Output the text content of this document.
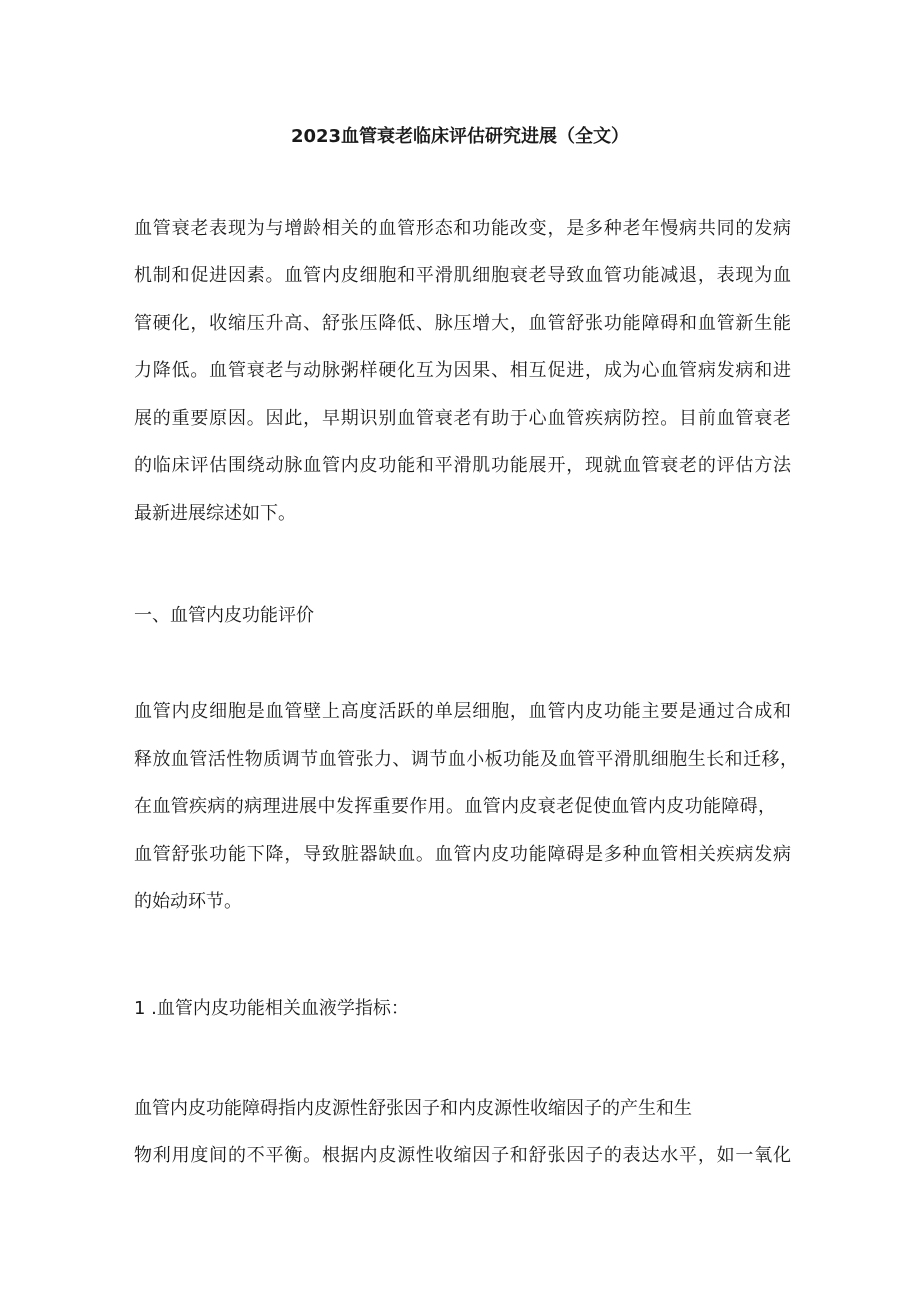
2023血管衰老临床评估研究进展（全文）
血管衰老表现为与增龄相关的血管形态和功能改变，是多种老年慢病共同的发病
机制和促进因素。血管内皮细胞和平滑肌细胞衰老导致血管功能减退，表现为血
管硬化，收缩压升高、舒张压降低、脉压增大，血管舒张功能障碍和血管新生能
力降低。血管衰老与动脉粥样硬化互为因果、相互促进，成为心血管病发病和进
展的重要原因。因此，早期识别血管衰老有助于心血管疾病防控。目前血管衰老
的临床评估围绕动脉血管内皮功能和平滑肌功能展开，现就血管衰老的评估方法
最新进展综述如下。
一、血管内皮功能评价
血管内皮细胞是血管壁上高度活跃的单层细胞，血管内皮功能主要是通过合成和
释放血管活性物质调节血管张力、调节血小板功能及血管平滑肌细胞生长和迁移，
在血管疾病的病理进展中发挥重要作用。血管内皮衰老促使血管内皮功能障碍，
血管舒张功能下降，导致脏器缺血。血管内皮功能障碍是多种血管相关疾病发病
的始动环节。
1 .血管内皮功能相关血液学指标：
血管内皮功能障碍指内皮源性舒张因子和内皮源性收缩因子的产生和生
物利用度间的不平衡。根据内皮源性收缩因子和舒张因子的表达水平，如一氧化
